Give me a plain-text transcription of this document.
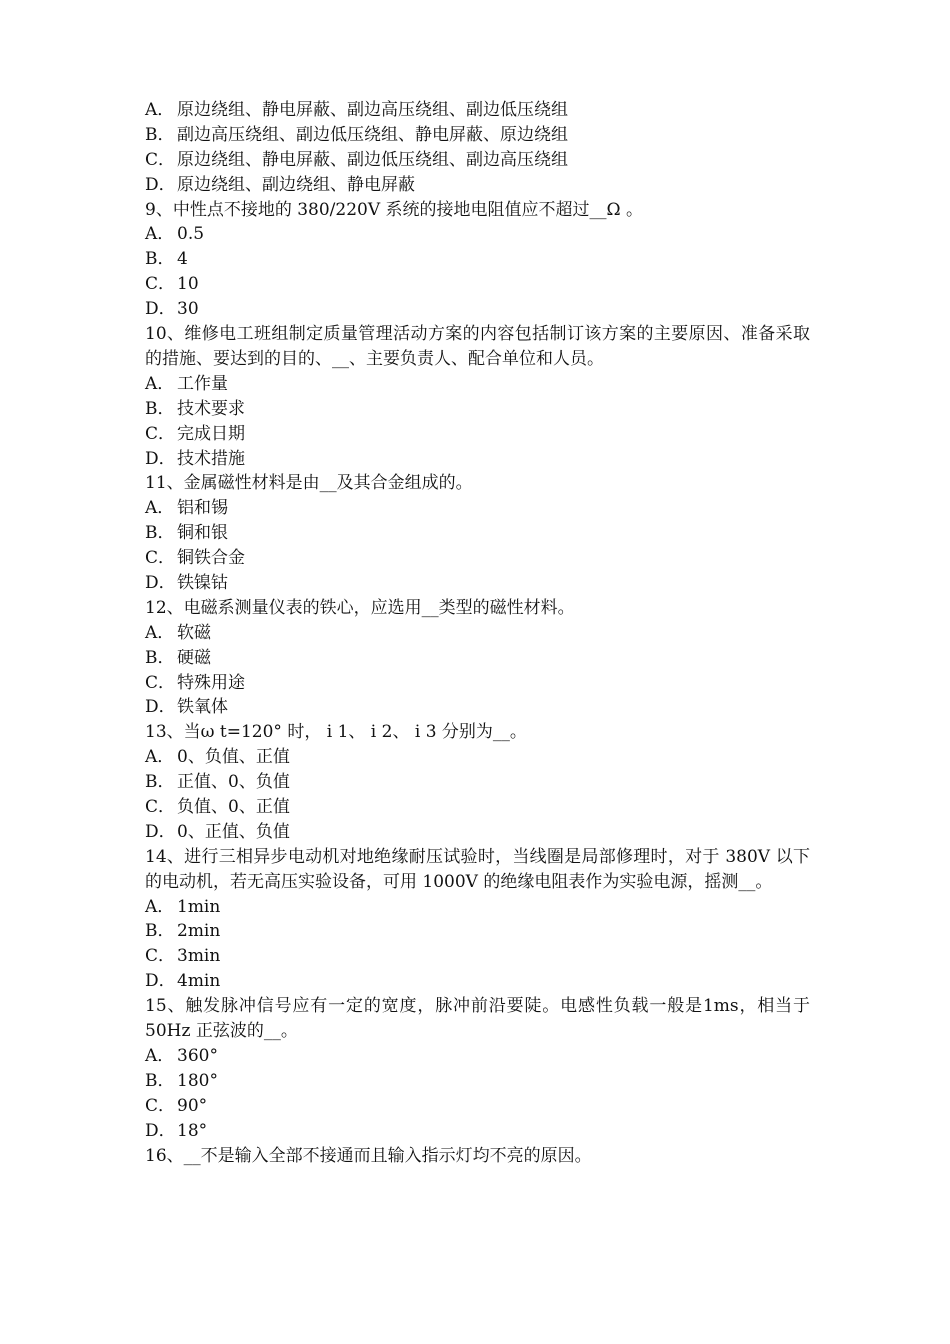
A． 原边绕组、静电屏蔽、副边高压绕组、副边低压绕组
B． 副边高压绕组、副边低压绕组、静电屏蔽、原边绕组
C． 原边绕组、静电屏蔽、副边低压绕组、副边高压绕组
D． 原边绕组、副边绕组、静电屏蔽
9、中性点不接地的 380/220V 系统的接地电阻值应不超过__Ω 。
A． 0.5
B． 4
C． 10
D． 30
10、维修电工班组制定质量管理活动方案的内容包括制订该方案的主要原因、准备采取的措施、要达到的目的、__、主要负责人、配合单位和人员。
A． 工作量
B． 技术要求
C． 完成日期
D． 技术措施
11、金属磁性材料是由__及其合金组成的。
A． 铝和锡
B． 铜和银
C． 铜铁合金
D． 铁镍钴
12、电磁系测量仪表的铁心，应选用__类型的磁性材料。
A． 软磁
B． 硬磁
C． 特殊用途
D． 铁氧体
13、当ω t=120° 时， i 1、 i 2、 i 3 分别为__。
A． 0、负值、正值
B． 正值、0、负值
C． 负值、0、正值
D． 0、正值、负值
14、进行三相异步电动机对地绝缘耐压试验时，当线圈是局部修理时，对于 380V 以下的电动机，若无高压实验设备，可用 1000V 的绝缘电阻表作为实验电源，摇测__。
A． 1min
B． 2min
C． 3min
D． 4min
15、触发脉冲信号应有一定的宽度，脉冲前沿要陡。电感性负载一般是1ms，相当于 50Hz 正弦波的__。
A． 360°
B． 180°
C． 90°
D． 18°
16、__不是输入全部不接通而且输入指示灯均不亮的原因。
